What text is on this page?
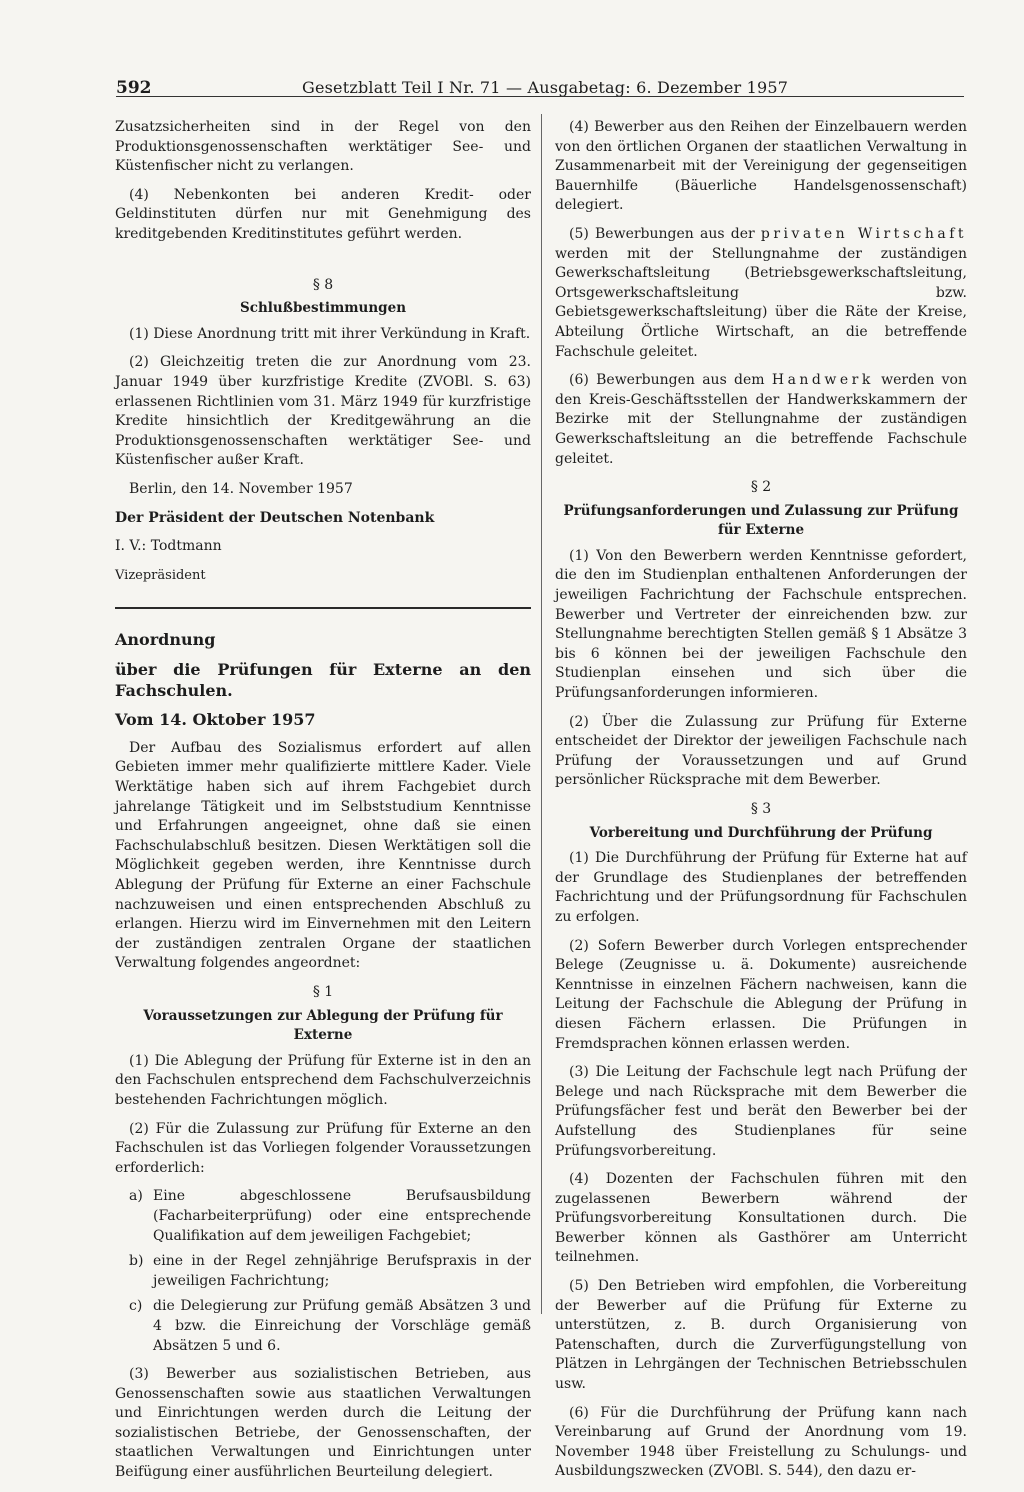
592	Gesetzblatt Teil I Nr. 71 — Ausgabetag: 6. Dezember 1957

Zusatzsicherheiten sind in der Regel von den Produktionsgenossenschaften werktätiger See- und Küstenfischer nicht zu verlangen.

(4) Nebenkonten bei anderen Kredit- oder Geldinstituten dürfen nur mit Genehmigung des kreditgebenden Kreditinstitutes geführt werden.

§ 8
Schlußbestimmungen

(1) Diese Anordnung tritt mit ihrer Verkündung in Kraft.

(2) Gleichzeitig treten die zur Anordnung vom 23. Januar 1949 über kurzfristige Kredite (ZVOBl. S. 63) erlassenen Richtlinien vom 31. März 1949 für kurzfristige Kredite hinsichtlich der Kreditgewährung an die Produktionsgenossenschaften werktätiger See- und Küstenfischer außer Kraft.

Berlin, den 14. November 1957

Der Präsident der Deutschen Notenbank

I. V.: Todtmann

Vizepräsident

Anordnung

über die Prüfungen für Externe an den Fachschulen.

Vom 14. Oktober 1957

Der Aufbau des Sozialismus erfordert auf allen Gebieten immer mehr qualifizierte mittlere Kader. Viele Werktätige haben sich auf ihrem Fachgebiet durch jahrelange Tätigkeit und im Selbststudium Kenntnisse und Erfahrungen angeeignet, ohne daß sie einen Fachschulabschluß besitzen. Diesen Werktätigen soll die Möglichkeit gegeben werden, ihre Kenntnisse durch Ablegung der Prüfung für Externe an einer Fachschule nachzuweisen und einen entsprechenden Abschluß zu erlangen. Hierzu wird im Einvernehmen mit den Leitern der zuständigen zentralen Organe der staatlichen Verwaltung folgendes angeordnet:

§ 1
Voraussetzungen zur Ablegung der Prüfung für Externe

(1) Die Ablegung der Prüfung für Externe ist in den an den Fachschulen entsprechend dem Fachschulverzeichnis bestehenden Fachrichtungen möglich.

(2) Für die Zulassung zur Prüfung für Externe an den Fachschulen ist das Vorliegen folgender Voraussetzungen erforderlich:

a) Eine abgeschlossene Berufsausbildung (Facharbeiterprüfung) oder eine entsprechende Qualifikation auf dem jeweiligen Fachgebiet;
b) eine in der Regel zehnjährige Berufspraxis in der jeweiligen Fachrichtung;
c) die Delegierung zur Prüfung gemäß Absätzen 3 und 4 bzw. die Einreichung der Vorschläge gemäß Absätzen 5 und 6.

(3) Bewerber aus sozialistischen Betrieben, aus Genossenschaften sowie aus staatlichen Verwaltungen und Einrichtungen werden durch die Leitung der sozialistischen Betriebe, der Genossenschaften, der staatlichen Verwaltungen und Einrichtungen unter Beifügung einer ausführlichen Beurteilung delegiert.

(4) Bewerber aus den Reihen der Einzelbauern werden von den örtlichen Organen der staatlichen Verwaltung in Zusammenarbeit mit der Vereinigung der gegenseitigen Bauernhilfe (Bäuerliche Handelsgenossenschaft) delegiert.

(5) Bewerbungen aus der privaten Wirtschaft werden mit der Stellungnahme der zuständigen Gewerkschaftsleitung (Betriebsgewerkschaftsleitung, Ortsgewerkschaftsleitung bzw. Gebietsgewerkschaftsleitung) über die Räte der Kreise, Abteilung Örtliche Wirtschaft, an die betreffende Fachschule geleitet.

(6) Bewerbungen aus dem Handwerk werden von den Kreis-Geschäftsstellen der Handwerkskammern der Bezirke mit der Stellungnahme der zuständigen Gewerkschaftsleitung an die betreffende Fachschule geleitet.

§ 2
Prüfungsanforderungen und Zulassung zur Prüfung für Externe

(1) Von den Bewerbern werden Kenntnisse gefordert, die den im Studienplan enthaltenen Anforderungen der jeweiligen Fachrichtung der Fachschule entsprechen. Bewerber und Vertreter der einreichenden bzw. zur Stellungnahme berechtigten Stellen gemäß § 1 Absätze 3 bis 6 können bei der jeweiligen Fachschule den Studienplan einsehen und sich über die Prüfungsanforderungen informieren.

(2) Über die Zulassung zur Prüfung für Externe entscheidet der Direktor der jeweiligen Fachschule nach Prüfung der Voraussetzungen und auf Grund persönlicher Rücksprache mit dem Bewerber.

§ 3
Vorbereitung und Durchführung der Prüfung

(1) Die Durchführung der Prüfung für Externe hat auf der Grundlage des Studienplanes der betreffenden Fachrichtung und der Prüfungsordnung für Fachschulen zu erfolgen.

(2) Sofern Bewerber durch Vorlegen entsprechender Belege (Zeugnisse u. ä. Dokumente) ausreichende Kenntnisse in einzelnen Fächern nachweisen, kann die Leitung der Fachschule die Ablegung der Prüfung in diesen Fächern erlassen. Die Prüfungen in Fremdsprachen können erlassen werden.

(3) Die Leitung der Fachschule legt nach Prüfung der Belege und nach Rücksprache mit dem Bewerber die Prüfungsfächer fest und berät den Bewerber bei der Aufstellung des Studienplanes für seine Prüfungsvorbereitung.

(4) Dozenten der Fachschulen führen mit den zugelassenen Bewerbern während der Prüfungsvorbereitung Konsultationen durch. Die Bewerber können als Gasthörer am Unterricht teilnehmen.

(5) Den Betrieben wird empfohlen, die Vorbereitung der Bewerber auf die Prüfung für Externe zu unterstützen, z. B. durch Organisierung von Patenschaften, durch die Zurverfügungstellung von Plätzen in Lehrgängen der Technischen Betriebsschulen usw.

(6) Für die Durchführung der Prüfung kann nach Vereinbarung auf Grund der Anordnung vom 19. November 1948 über Freistellung zu Schulungs- und Ausbildungszwecken (ZVOBl. S. 544), den dazu er-
